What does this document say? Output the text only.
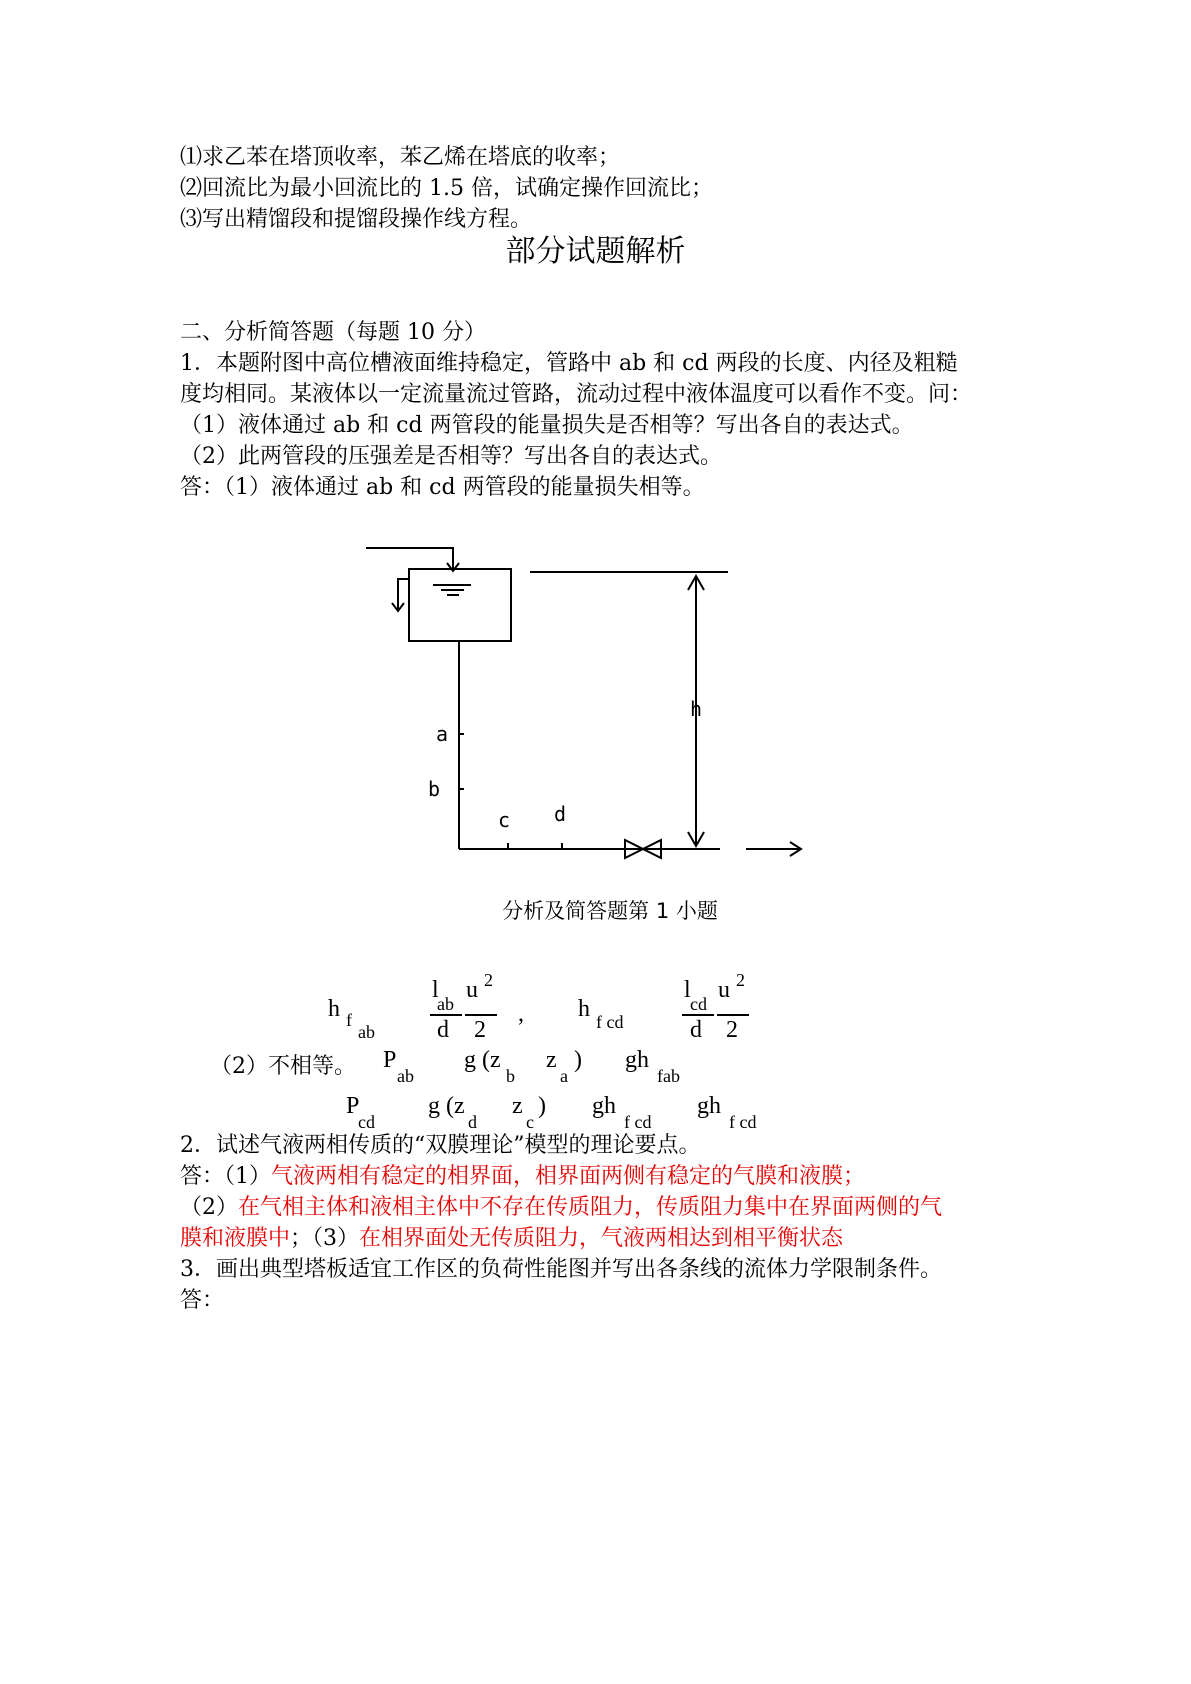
⑴求乙苯在塔顶收率，苯乙烯在塔底的收率；
⑵回流比为最小回流比的 1.5 倍，试确定操作回流比；
⑶写出精馏段和提馏段操作线方程。
部分试题解析
二、分析简答题（每题 10 分）
1．本题附图中高位槽液面维持稳定，管路中 ab 和 cd 两段的长度、内径及粗糙
度均相同。某液体以一定流量流过管路，流动过程中液体温度可以看作不变。问：
（1）液体通过 ab 和 cd 两管段的能量损失是否相等？写出各自的表达式。
（2）此两管段的压强差是否相等？写出各自的表达式。
答：（1）液体通过 ab 和 cd 两管段的能量损失相等。
a
b
c d
h
分析及简答题第 1 小题
h f
ab
l
ab
d
u 2
2
, h f cd
l
cd
d
u 2
2
（2）不相等。 P
ab
g (z
b
z
a
) gh
fab
P
cd
g (z
d
z
c
) gh
f cd
gh
f cd
2．试述气液两相传质的“双膜理论”模型的理论要点。
答：（1）气液两相有稳定的相界面，相界面两侧有稳定的气膜和液膜；
（2）在气相主体和液相主体中不存在传质阻力，传质阻力集中在界面两侧的气
膜和液膜中；（3）在相界面处无传质阻力，气液两相达到相平衡状态
3．画出典型塔板适宜工作区的负荷性能图并写出各条线的流体力学限制条件。
答：
